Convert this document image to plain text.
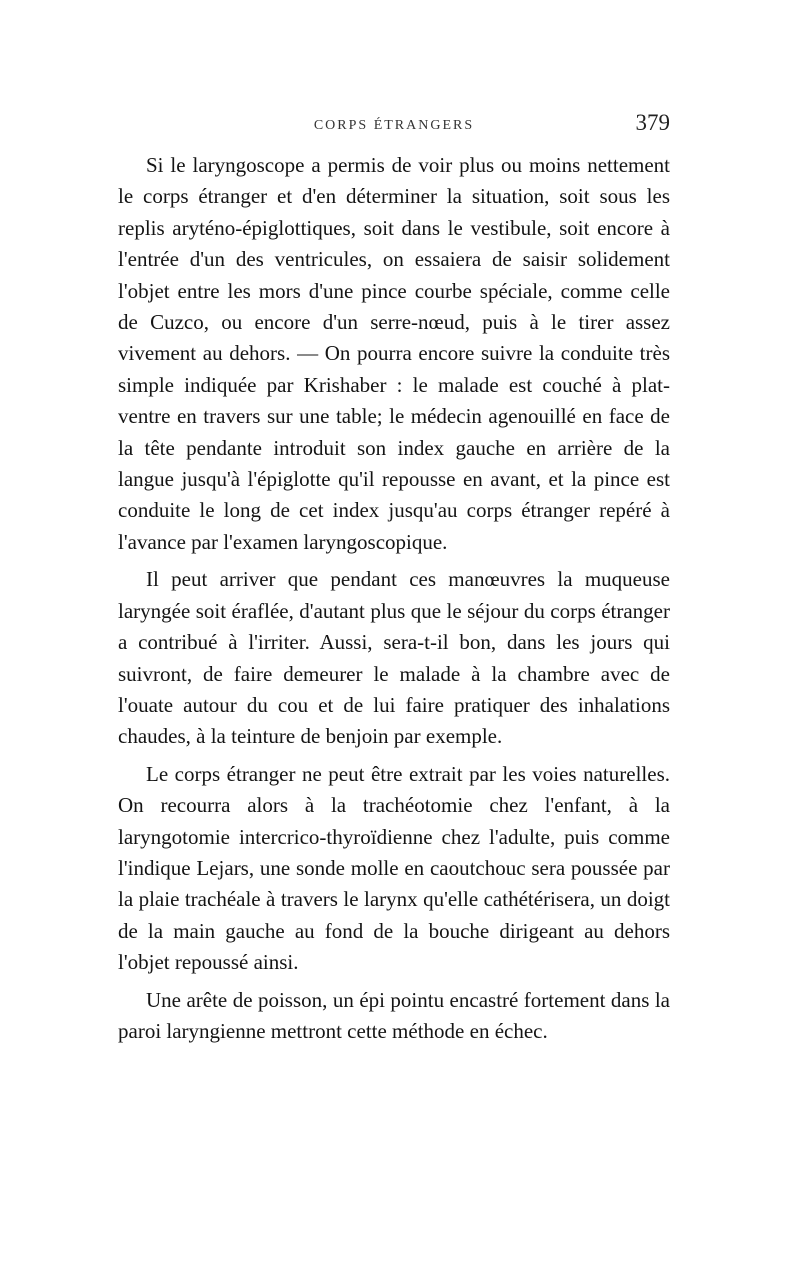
CORPS ÉTRANGERS	379

Si le laryngoscope a permis de voir plus ou moins nettement le corps étranger et d'en déterminer la situation, soit sous les replis aryténo-épiglottiques, soit dans le vestibule, soit encore à l'entrée d'un des ventricules, on essaiera de saisir solidement l'objet entre les mors d'une pince courbe spéciale, comme celle de Cuzco, ou encore d'un serre-nœud, puis à le tirer assez vivement au dehors. — On pourra encore suivre la conduite très simple indiquée par Krishaber : le malade est couché à plat-ventre en travers sur une table; le médecin agenouillé en face de la tête pendante introduit son index gauche en arrière de la langue jusqu'à l'épiglotte qu'il repousse en avant, et la pince est conduite le long de cet index jusqu'au corps étranger repéré à l'avance par l'examen laryngoscopique.

Il peut arriver que pendant ces manœuvres la muqueuse laryngée soit éraflée, d'autant plus que le séjour du corps étranger a contribué à l'irriter. Aussi, sera-t-il bon, dans les jours qui suivront, de faire demeurer le malade à la chambre avec de l'ouate autour du cou et de lui faire pratiquer des inhalations chaudes, à la teinture de benjoin par exemple.

Le corps étranger ne peut être extrait par les voies naturelles. On recourra alors à la trachéotomie chez l'enfant, à la laryngotomie intercrico-thyroïdienne chez l'adulte, puis comme l'indique Lejars, une sonde molle en caoutchouc sera poussée par la plaie trachéale à travers le larynx qu'elle cathétérisera, un doigt de la main gauche au fond de la bouche dirigeant au dehors l'objet repoussé ainsi.

Une arête de poisson, un épi pointu encastré fortement dans la paroi laryngienne mettront cette méthode en échec.
